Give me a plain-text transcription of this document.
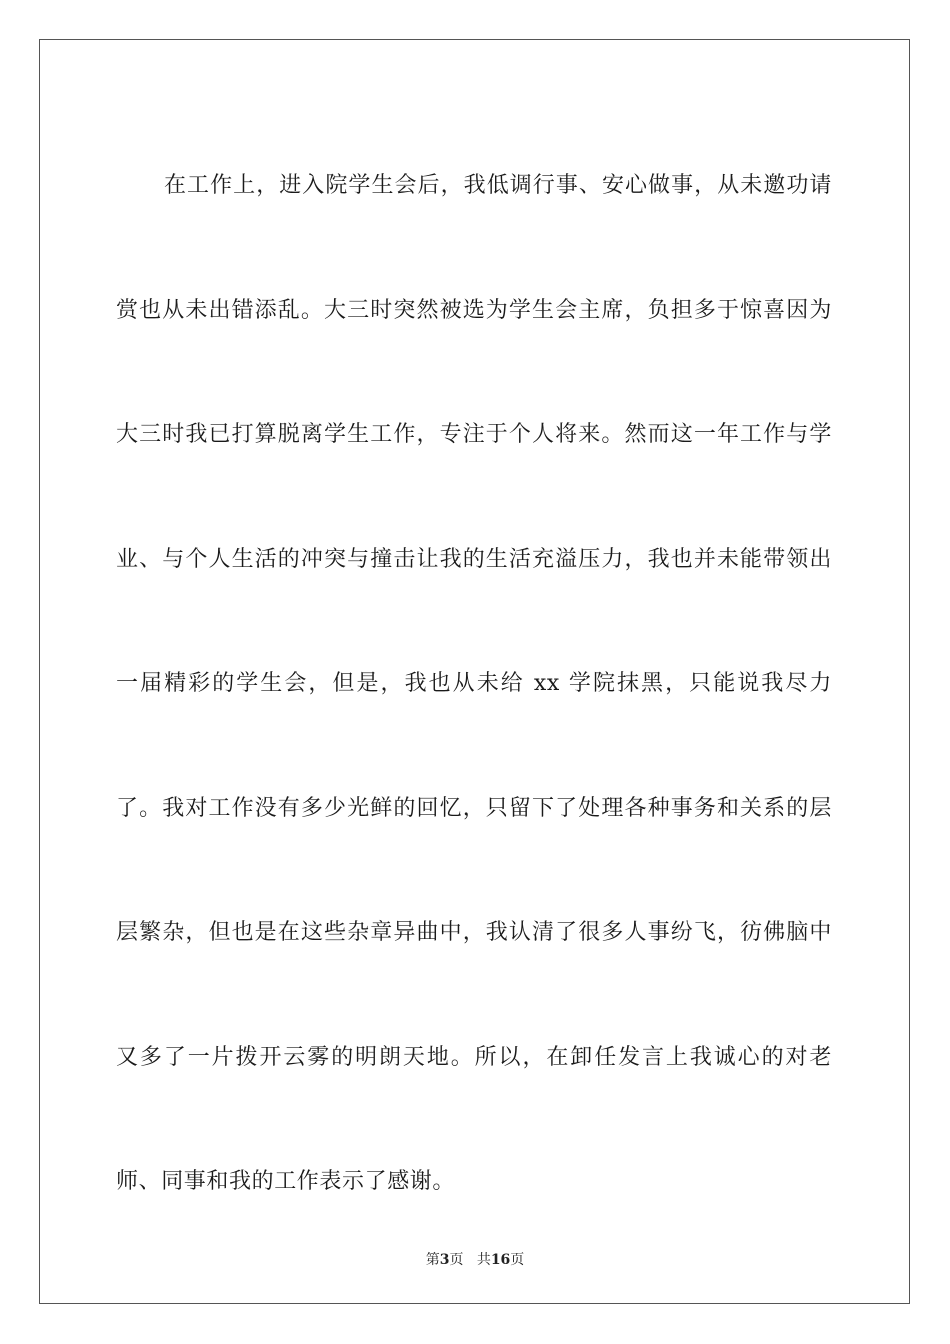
在工作上，进入院学生会后，我低调行事、安心做事，从未邀功请赏也从未出错添乱。大三时突然被选为学生会主席，负担多于惊喜因为大三时我已打算脱离学生工作，专注于个人将来。然而这一年工作与学业、与个人生活的冲突与撞击让我的生活充溢压力，我也并未能带领出一届精彩的学生会，但是，我也从未给 xx 学院抹黑，只能说我尽力了。我对工作没有多少光鲜的回忆，只留下了处理各种事务和关系的层层繁杂，但也是在这些杂章异曲中，我认清了很多人事纷飞，彷佛脑中又多了一片拨开云雾的明朗天地。所以，在卸任发言上我诚心的对老师、同事和我的工作表示了感谢。

第3页 共16页
